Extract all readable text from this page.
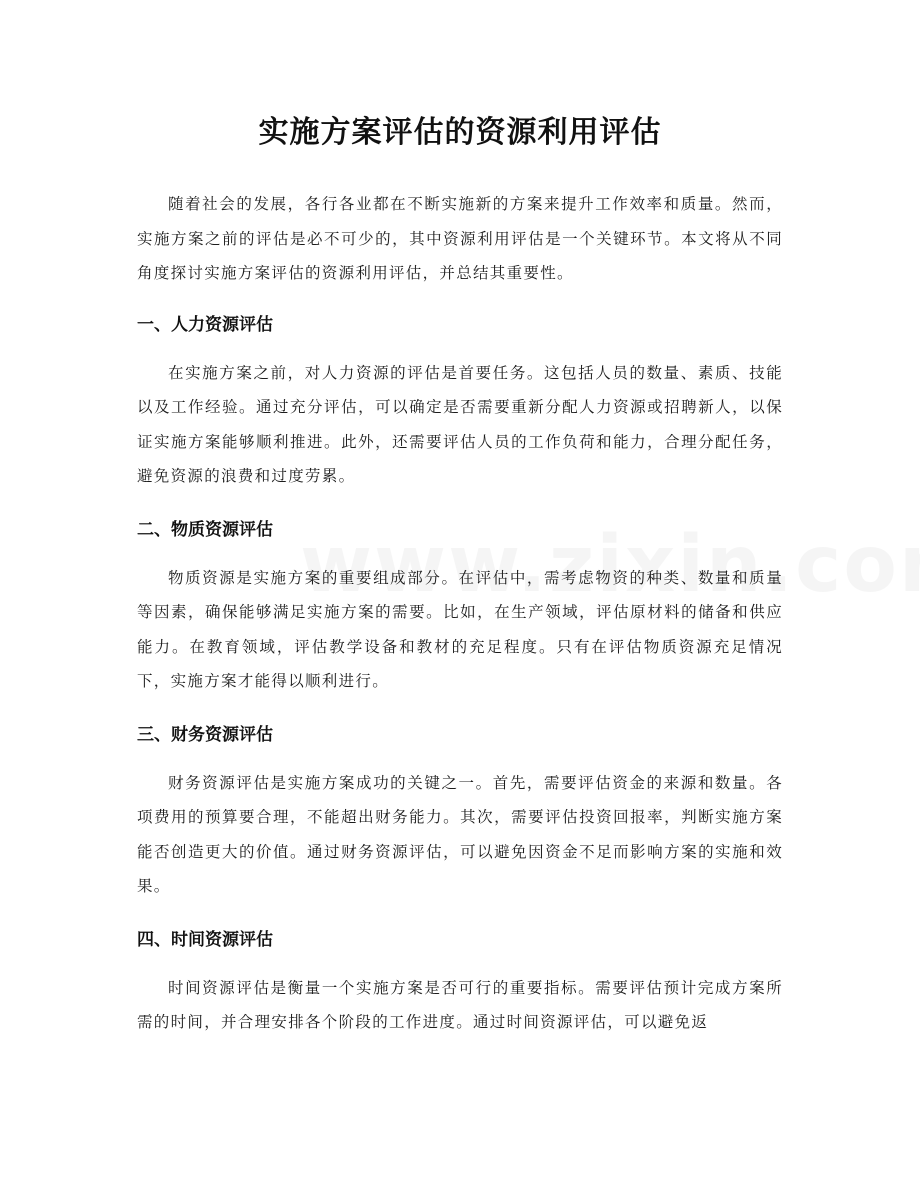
实施方案评估的资源利用评估

随着社会的发展，各行各业都在不断实施新的方案来提升工作效率和质量。然而，实施方案之前的评估是必不可少的，其中资源利用评估是一个关键环节。本文将从不同角度探讨实施方案评估的资源利用评估，并总结其重要性。

一、人力资源评估

在实施方案之前，对人力资源的评估是首要任务。这包括人员的数量、素质、技能以及工作经验。通过充分评估，可以确定是否需要重新分配人力资源或招聘新人，以保证实施方案能够顺利推进。此外，还需要评估人员的工作负荷和能力，合理分配任务，避免资源的浪费和过度劳累。

二、物质资源评估

物质资源是实施方案的重要组成部分。在评估中，需考虑物资的种类、数量和质量等因素，确保能够满足实施方案的需要。比如，在生产领域，评估原材料的储备和供应能力。在教育领域，评估教学设备和教材的充足程度。只有在评估物质资源充足情况下，实施方案才能得以顺利进行。

三、财务资源评估

财务资源评估是实施方案成功的关键之一。首先，需要评估资金的来源和数量。各项费用的预算要合理，不能超出财务能力。其次，需要评估投资回报率，判断实施方案能否创造更大的价值。通过财务资源评估，可以避免因资金不足而影响方案的实施和效果。

四、时间资源评估

时间资源评估是衡量一个实施方案是否可行的重要指标。需要评估预计完成方案所需的时间，并合理安排各个阶段的工作进度。通过时间资源评估，可以避免返
